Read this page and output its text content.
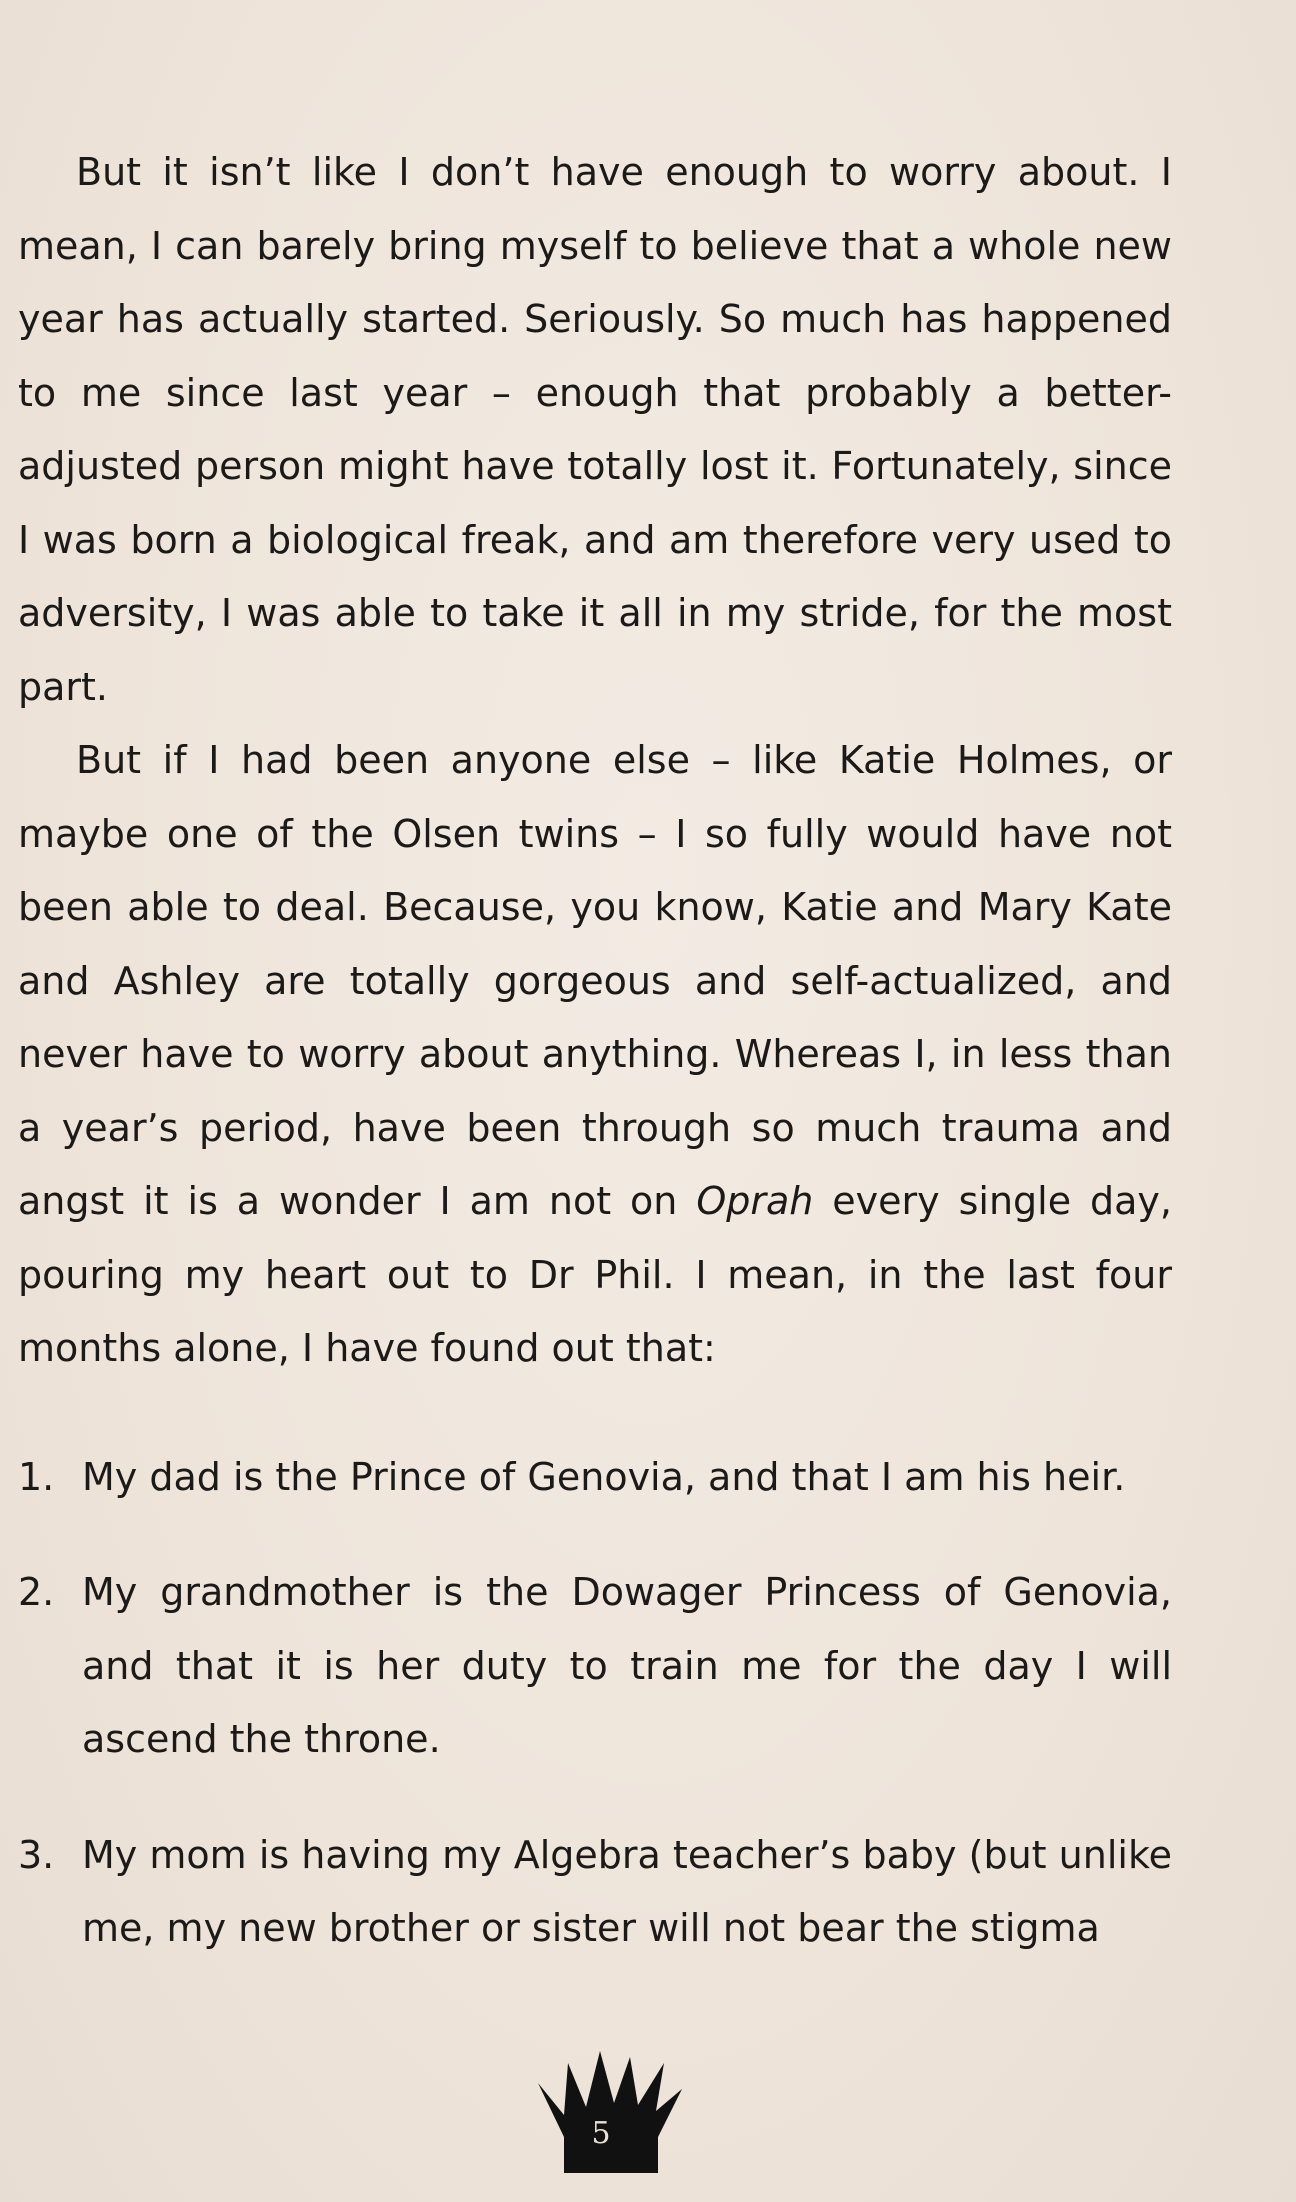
But it isn’t like I don’t have enough to worry about. I mean, I can barely bring myself to believe that a whole new year has actually started. Seriously. So much has happened to me since last year – enough that probably a better-adjusted person might have totally lost it. Fortunately, since I was born a biological freak, and am therefore very used to adversity, I was able to take it all in my stride, for the most part.

But if I had been anyone else – like Katie Holmes, or maybe one of the Olsen twins – I so fully would have not been able to deal. Because, you know, Katie and Mary Kate and Ashley are totally gorgeous and self-actualized, and never have to worry about anything. Whereas I, in less than a year’s period, have been through so much trauma and angst it is a wonder I am not on Oprah every single day, pouring my heart out to Dr Phil. I mean, in the last four months alone, I have found out that:

1. My dad is the Prince of Genovia, and that I am his heir.
2. My grandmother is the Dowager Princess of Genovia, and that it is her duty to train me for the day I will ascend the throne.
3. My mom is having my Algebra teacher’s baby (but unlike me, my new brother or sister will not bear the stigma
5
